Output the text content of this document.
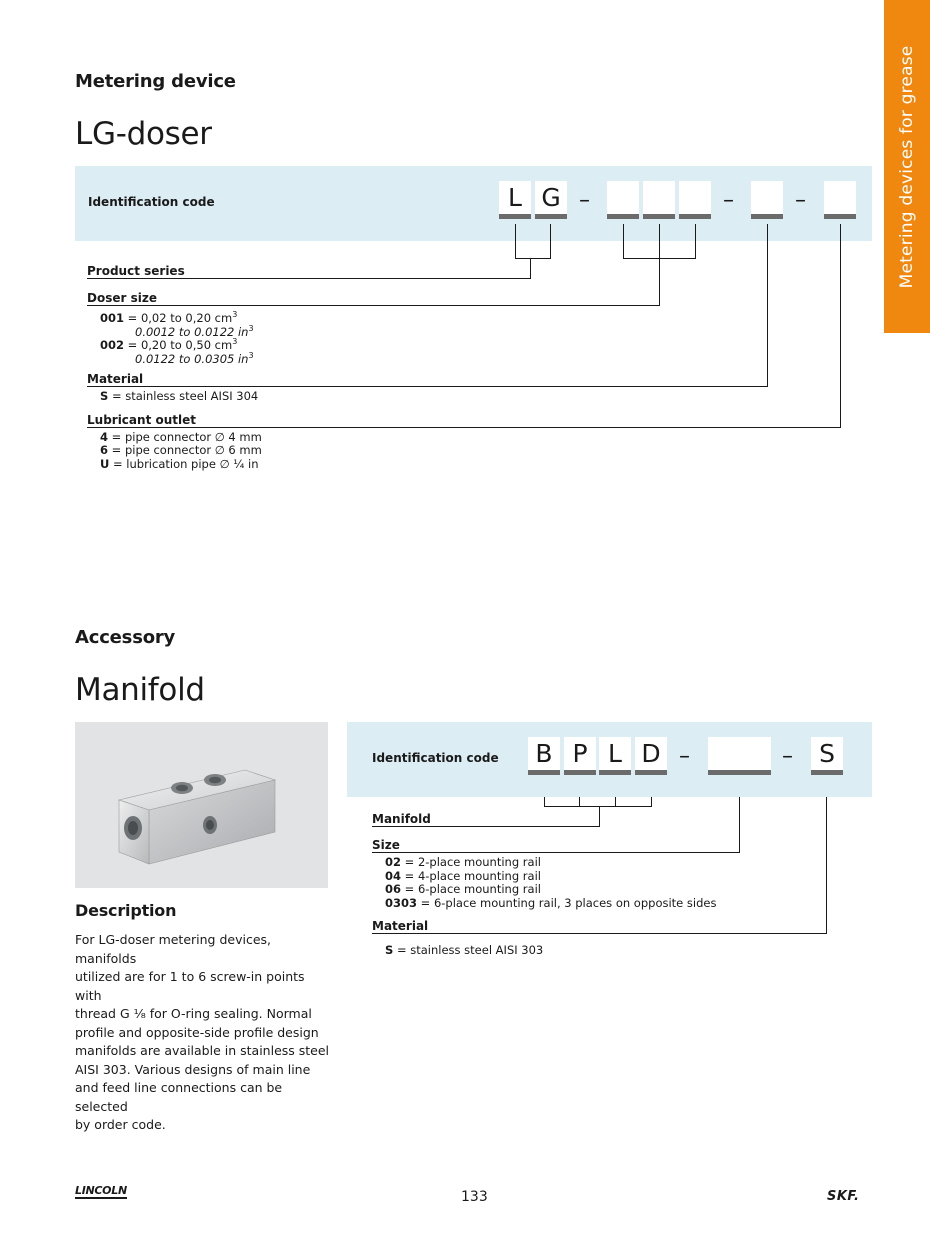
Metering devices for grease
Metering device
LG-doser
Identification code	L G –	–	–
Product series
Doser size
001 = 0,02 to 0,20 $cm^3$
0.0012 to 0.0122 $in^3$
002 = 0,20 to 0,50 $cm^3$
0.0122 to 0.0305 $in^3$
Material
S = stainless steel AISI 304
Lubricant outlet
4 = pipe connector ∅ 4 mm
6 = pipe connector ∅ 6 mm
U = lubrication pipe ∅ ¹⁄₄ in
Accessory
Manifold
Description
For LG-doser metering devices, manifolds
utilized are for 1 to 6 screw-in points with
thread G ¹⁄₈ for O-ring sealing. Normal
profile and opposite-side profile design
manifolds are available in stainless steel
AISI 303. Various designs of main line
and feed line connections can be selected
by order code.
Identification code B P L D –	–	S
Manifold
Size
02 = 2-place mounting rail
04 = 4-place mounting rail
06 = 6-place mounting rail
0303 = 6-place mounting rail, 3 places on opposite sides
Material
S = stainless steel AISI 303
LINCOLN	133	SKF.
